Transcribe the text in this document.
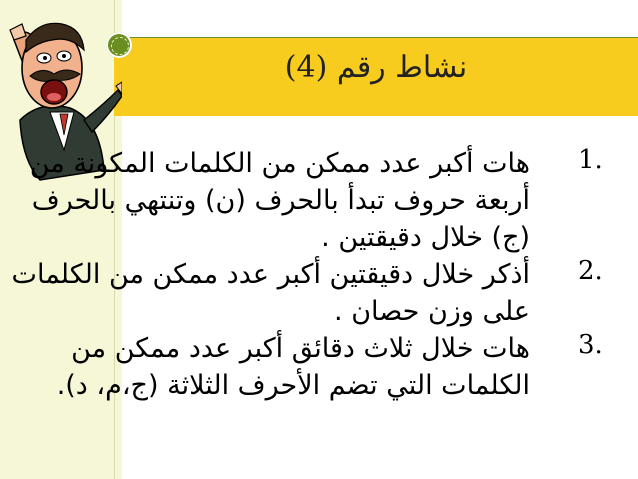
نشاط رقم (4)
1.
هات أكبر عدد ممكن من الكلمات المكونة من أربعة حروف تبدأ بالحرف (ن) وتنتهي بالحرف (ج) خلال دقيقتين .
2.
أذكر خلال دقيقتين أكبر عدد ممكن من الكلمات على وزن حصان .
3.
هات خلال ثلاث دقائق أكبر عدد ممكن من الكلمات التي تضم الأحرف الثلاثة (ج،م، د).
